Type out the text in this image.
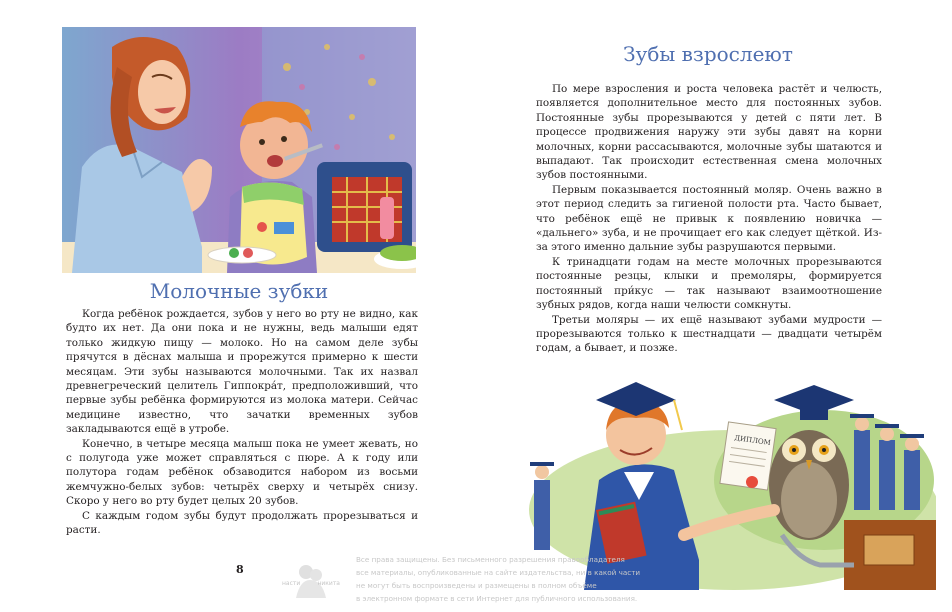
Молочные зубки

Когда ребёнок рождается, зубов у него во рту не видно, как будто их нет. Да они пока и не нужны, ведь малыши едят только жидкую пищу — молоко. Но на самом деле зубы прячутся в дёснах малыша и прорежутся примерно к шести месяцам. Эти зубы называются молочными. Так их назвал древнегреческий целитель Гиппокра́т, предположивший, что первые зубы ребёнка формируются из молока матери. Сейчас медицине известно, что зачатки временных зубов закладываются ещё в утробе.

Конечно, в четыре месяца малыш пока не умеет жевать, но с полугода уже может справляться с пюре. А к году или полутора годам ребёнок обзаводится набором из восьми жемчужно-белых зубов: четырёх сверху и четырёх снизу. Скоро у него во рту будет целых 20 зубов.

С каждым годом зубы будут продолжать прорезываться и расти.

8
насти	никита
Зубы взрослеют

По мере взросления и роста человека растёт и челюсть, появляется дополнительное место для постоянных зубов. Постоянные зубы прорезываются у детей с пяти лет. В процессе продвижения наружу эти зубы давят на корни молочных, корни рассасываются, молочные зубы шатаются и выпадают. Так происходит естественная смена молочных зубов постоянными.

Первым показывается постоянный моляр. Очень важно в этот период следить за гигиеной полости рта. Часто бывает, что ребёнок ещё не привык к появлению новичка — «дальнего» зуба, и не прочищает его как следует щёткой. Из-за этого именно дальние зубы разрушаются первыми.

К тринадцати годам на месте молочных прорезываются постоянные резцы, клыки и премоляры, формируется постоянный при́кус — так называют взаимоотношение зубных рядов, когда наши челюсти сомкнуты.

Третьи моляры — их ещё называют зубами мудрости — прорезываются только к шестнадцати — двадцати четырём годам, а бывает, и позже.

ДИПЛОМ
Все права защищены. Без письменного разрешения правообладателя
все материалы, опубликованные на сайте издательства, ни в какой части
не могут быть воспроизведены и размещены в полном объёме
в электронном формате в сети Интернет для публичного использования.
